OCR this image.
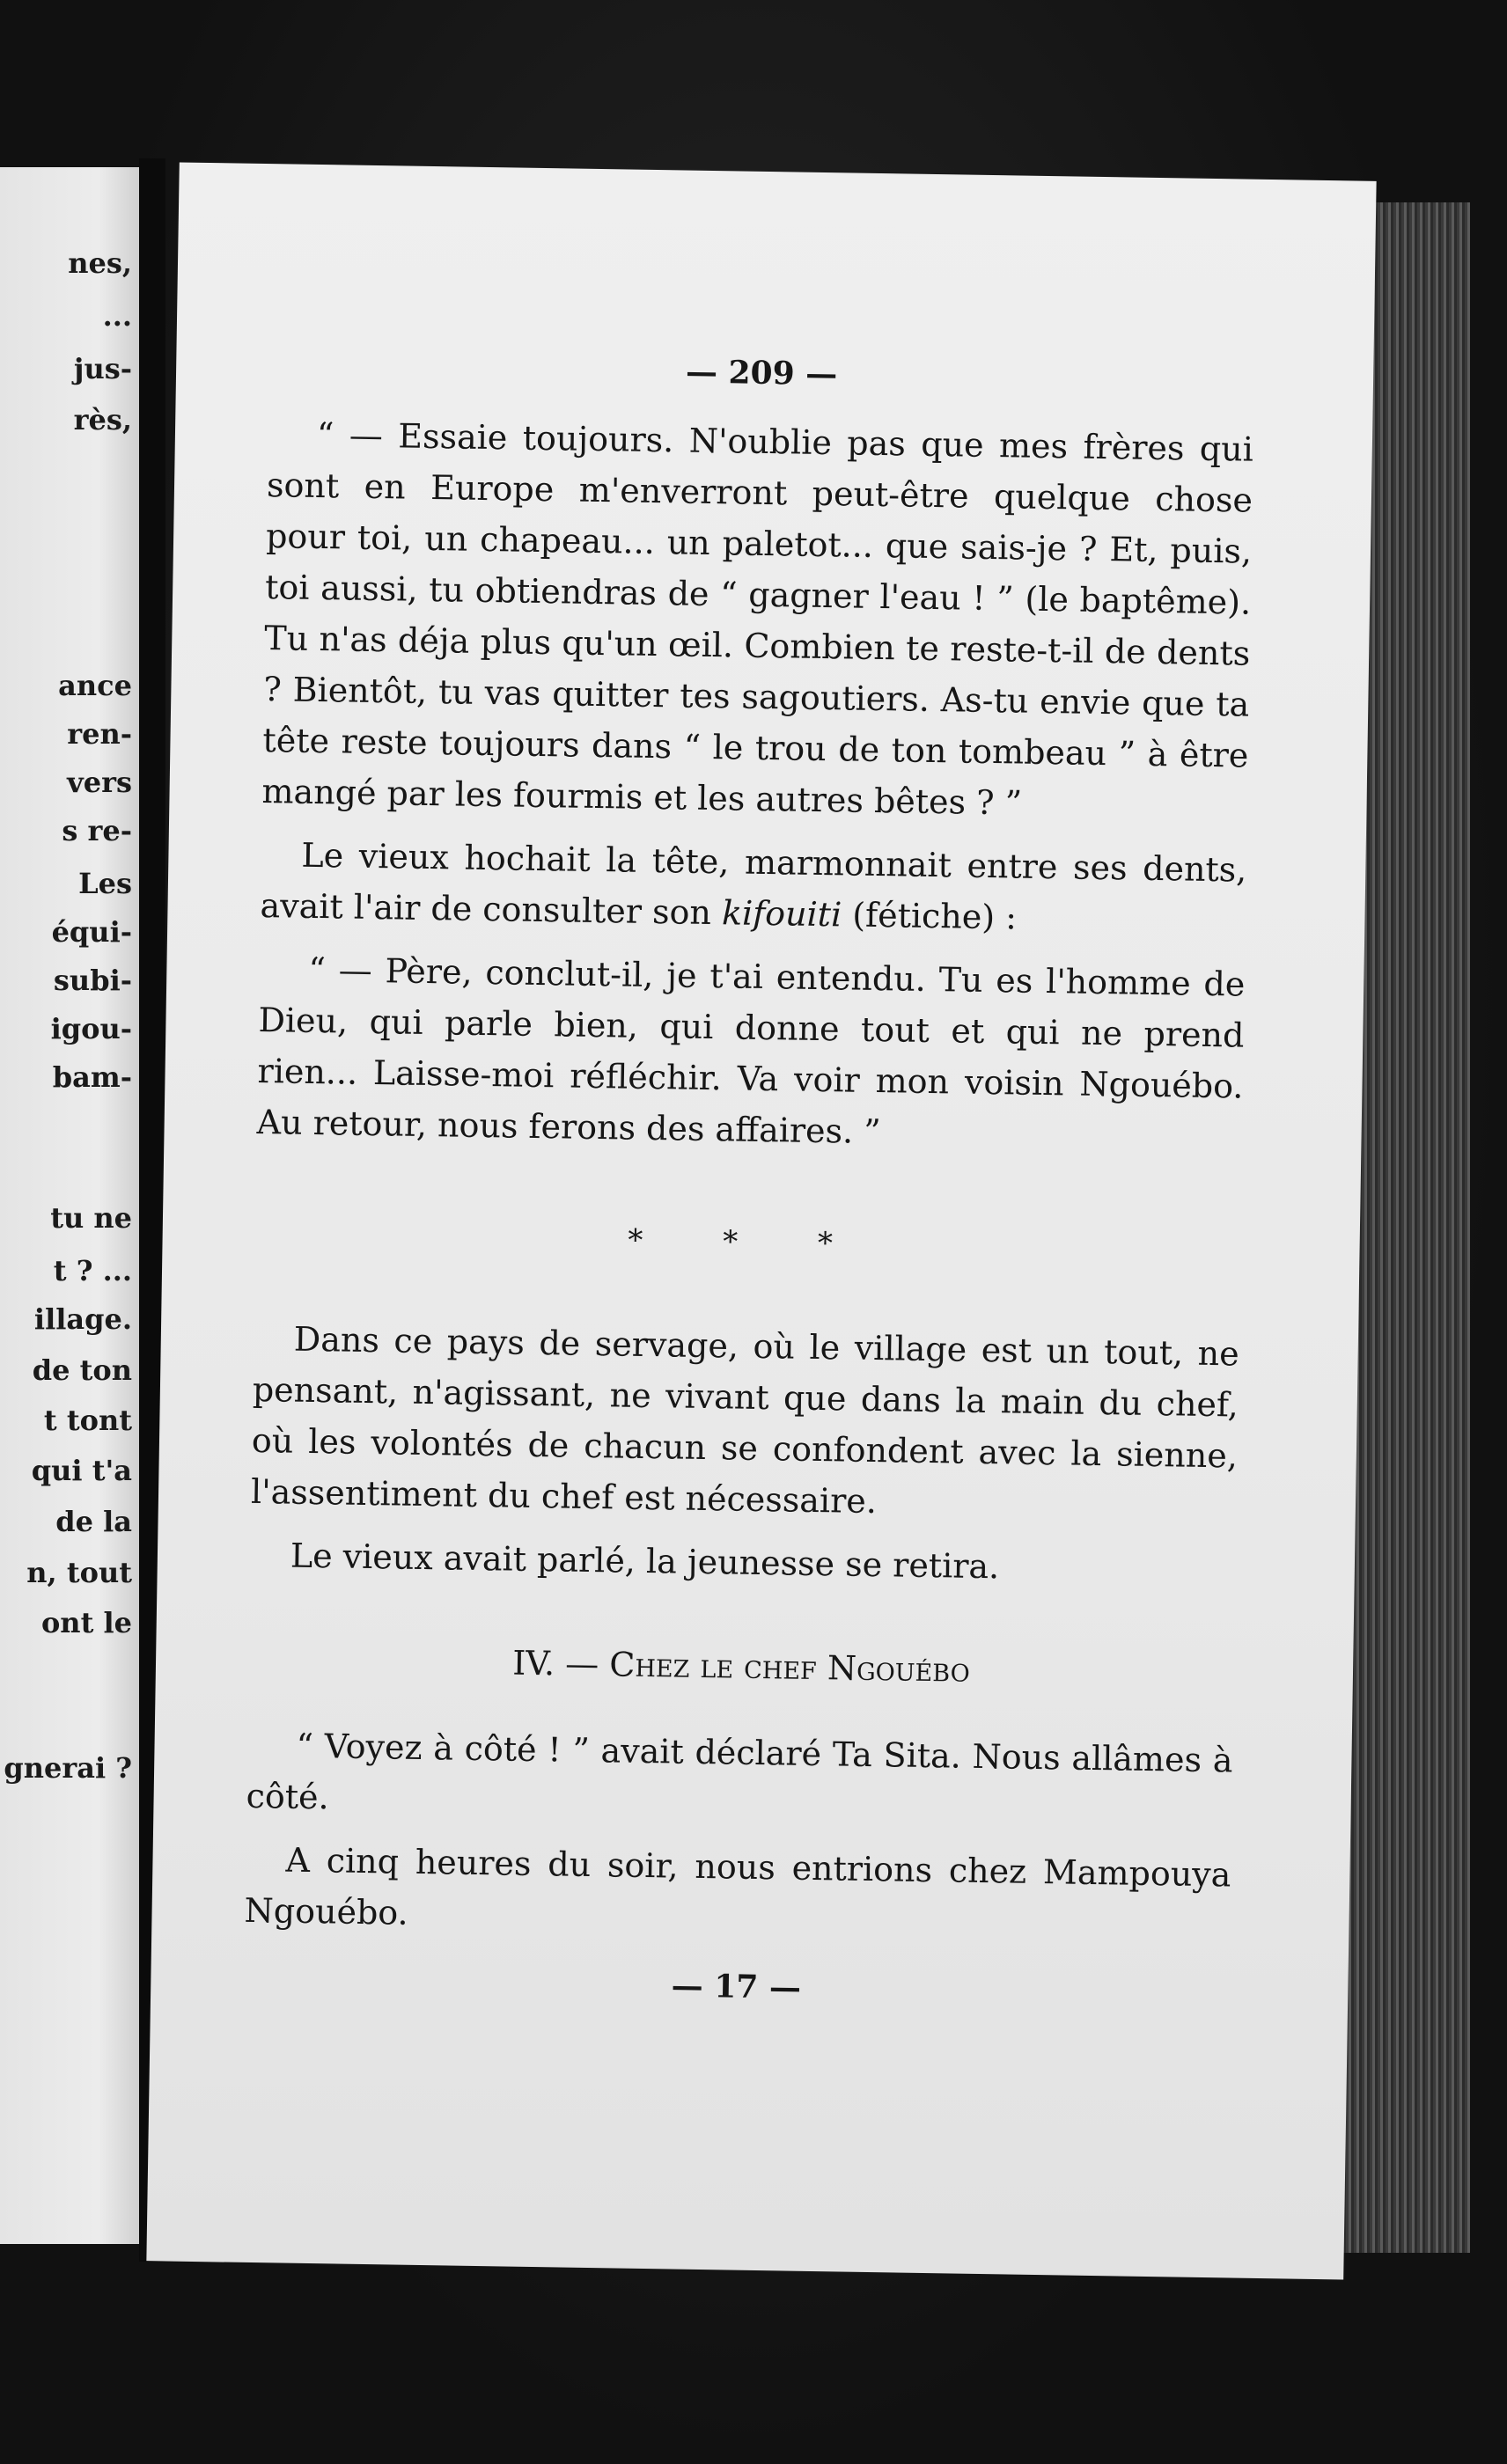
nes,
...
jus-
rès,
ance
ren-
vers
s re-
Les
équi-
subi-
igou-
bam-
tu ne
t ? ...
illage.
de ton
t tont
qui t'a
de la
n, tout
ont le
gnerai ?
— 209 —

“ — Essaie toujours. N'oublie pas que mes frères qui sont en Europe m'enverront peut-être quelque chose pour toi, un chapeau... un paletot... que sais-je ? Et, puis, toi aussi, tu obtiendras de “ gagner l'eau ! ” (le baptême). Tu n'as déja plus qu'un œil. Combien te reste-t-il de dents ? Bientôt, tu vas quitter tes sagoutiers. As-tu envie que ta tête reste toujours dans “ le trou de ton tombeau ” à être mangé par les fourmis et les autres bêtes ? ”

Le vieux hochait la tête, marmonnait entre ses dents, avait l'air de consulter son kifouiti (fétiche) :

“ — Père, conclut-il, je t'ai entendu. Tu es l'homme de Dieu, qui parle bien, qui donne tout et qui ne prend rien... Laisse-moi réfléchir. Va voir mon voisin Ngouébo. Au retour, nous ferons des affaires. ”

* * *

Dans ce pays de servage, où le village est un tout, ne pensant, n'agissant, ne vivant que dans la main du chef, où les volontés de chacun se confondent avec la sienne, l'assentiment du chef est nécessaire.

Le vieux avait parlé, la jeunesse se retira.

IV. — Chez le chef Ngouébo

“ Voyez à côté ! ” avait déclaré Ta Sita. Nous allâmes à côté.

A cinq heures du soir, nous entrions chez Mampouya Ngouébo.

— 17 —
